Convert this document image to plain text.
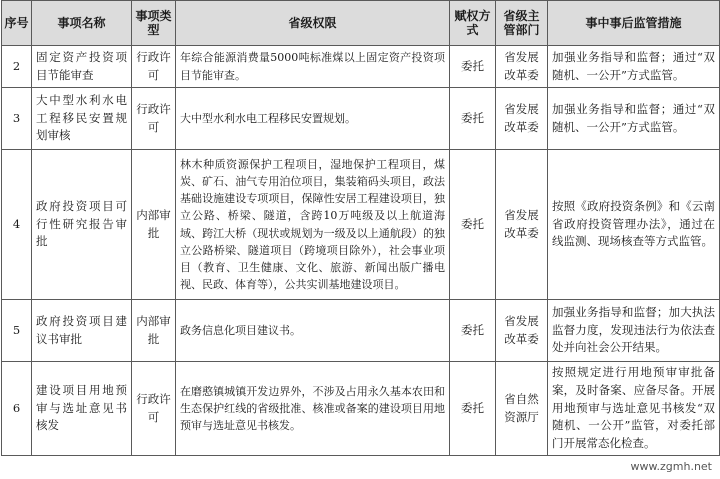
序号	事项名称	事项类型	省级权限	赋权方式	省级主管部门	事中事后监管措施
2	固定资产投资项目节能审查	行政许可	年综合能源消费量5000吨标准煤以上固定资产投资项目节能审查。	委托	省发展改革委	加强业务指导和监督；通过“双随机、一公开”方式监管。
3	大中型水利水电工程移民安置规划审核	行政许可	大中型水利水电工程移民安置规划。	委托	省发展改革委	加强业务指导和监督；通过“双随机、一公开”方式监管。
4	政府投资项目可行性研究报告审批	内部审批	林木种质资源保护工程项目，湿地保护工程项目，煤炭、矿石、油气专用泊位项目，集装箱码头项目，政法基础设施建设专项项目，保障性安居工程建设项目，独立公路、桥梁、隧道，含跨10万吨级及以上航道海域、跨江大桥（现状或规划为一级及以上通航段）的独立公路桥梁、隧道项目（跨境项目除外），社会事业项目（教育、卫生健康、文化、旅游、新闻出版广播电视、民政、体育等），公共实训基地建设项目。	委托	省发展改革委	按照《政府投资条例》和《云南省政府投资管理办法》，通过在线监测、现场核查等方式监管。
5	政府投资项目建议书审批	内部审批	政务信息化项目建议书。	委托	省发展改革委	加强业务指导和监督；加大执法监督力度，发现违法行为依法查处并向社会公开结果。
6	建设项目用地预审与选址意见书核发	行政许可	在磨憨镇城镇开发边界外，不涉及占用永久基本农田和生态保护红线的省级批准、核准或备案的建设项目用地预审与选址意见书核发。	委托	省自然资源厅	按照规定进行用地预审审批备案，及时备案、应备尽备。开展用地预审与选址意见书核发“双随机、一公开”监管，对委托部门开展常态化检查。
www.zgmh.net
